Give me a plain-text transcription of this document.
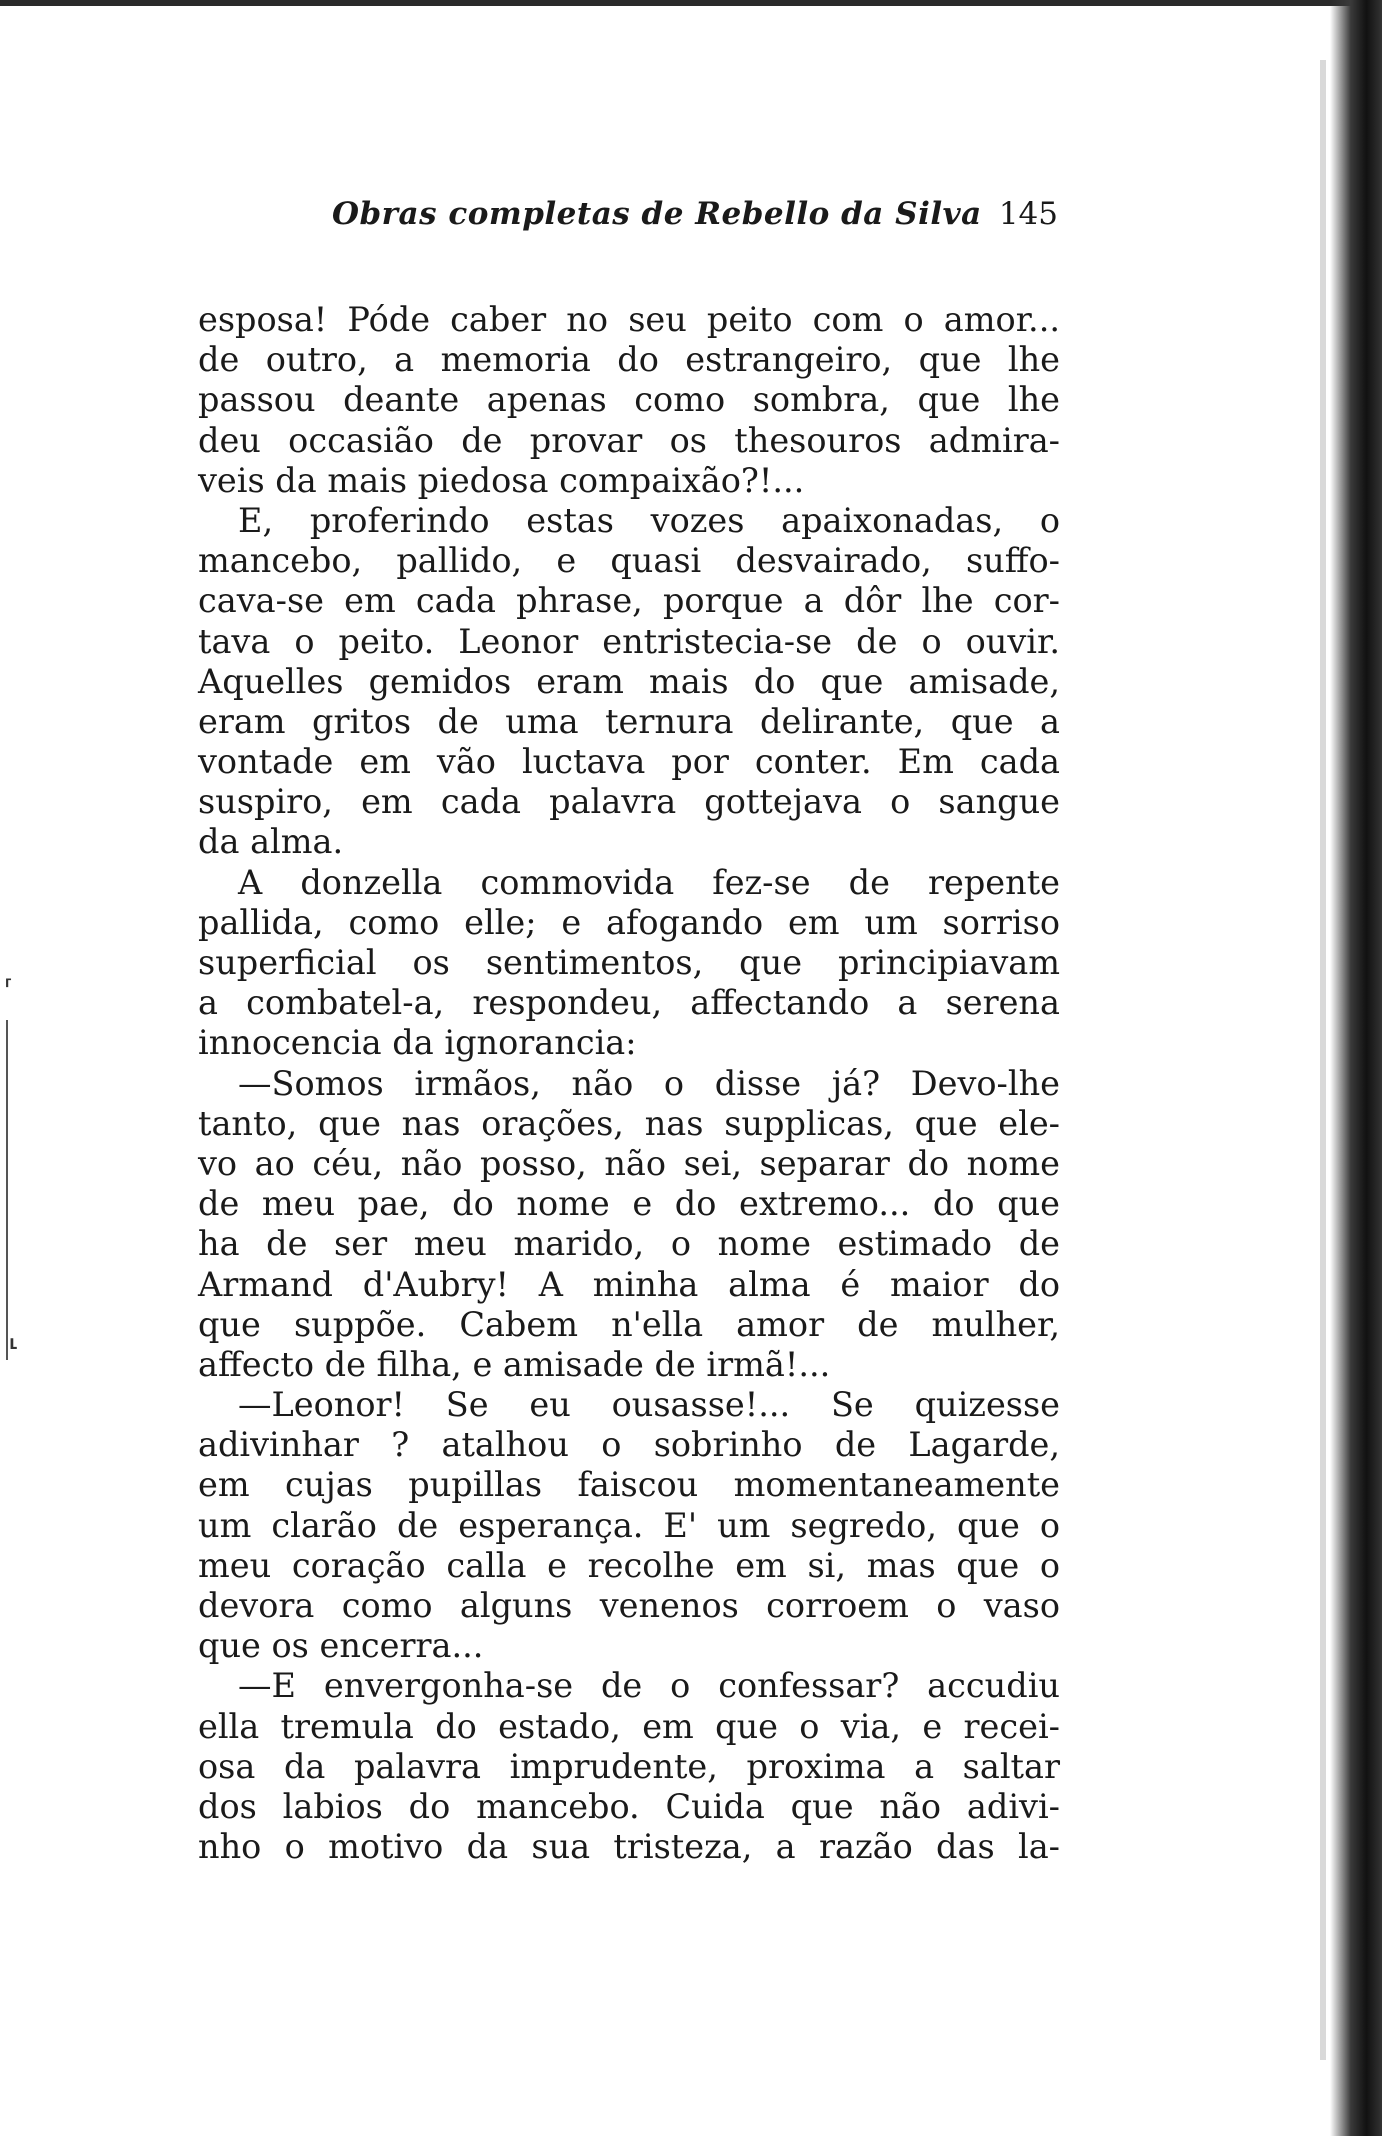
⸢
⸤
Obras completas de Rebello da Silva 145
esposa! Póde caber no seu peito com o amor...
de outro, a memoria do estrangeiro, que lhe
passou deante apenas como sombra, que lhe
deu occasião de provar os thesouros admira-
veis da mais piedosa compaixão?!...
E, proferindo estas vozes apaixonadas, o
mancebo, pallido, e quasi desvairado, suffo-
cava-se em cada phrase, porque a dôr lhe cor-
tava o peito. Leonor entristecia-se de o ouvir.
Aquelles gemidos eram mais do que amisade,
eram gritos de uma ternura delirante, que a
vontade em vão luctava por conter. Em cada
suspiro, em cada palavra gottejava o sangue
da alma.
A donzella commovida fez-se de repente
pallida, como elle; e afogando em um sorriso
superficial os sentimentos, que principiavam
a combatel-a, respondeu, affectando a serena
innocencia da ignorancia:
—Somos irmãos, não o disse já? Devo-lhe
tanto, que nas orações, nas supplicas, que ele-
vo ao céu, não posso, não sei, separar do nome
de meu pae, do nome e do extremo... do que
ha de ser meu marido, o nome estimado de
Armand d'Aubry! A minha alma é maior do
que suppõe. Cabem n'ella amor de mulher,
affecto de filha, e amisade de irmã!...
—Leonor! Se eu ousasse!... Se quizesse
adivinhar ? atalhou o sobrinho de Lagarde,
em cujas pupillas faiscou momentaneamente
um clarão de esperança. E' um segredo, que o
meu coração calla e recolhe em si, mas que o
devora como alguns venenos corroem o vaso
que os encerra...
—E envergonha-se de o confessar? accudiu
ella tremula do estado, em que o via, e recei-
osa da palavra imprudente, proxima a saltar
dos labios do mancebo. Cuida que não adivi-
nho o motivo da sua tristeza, a razão das la-
